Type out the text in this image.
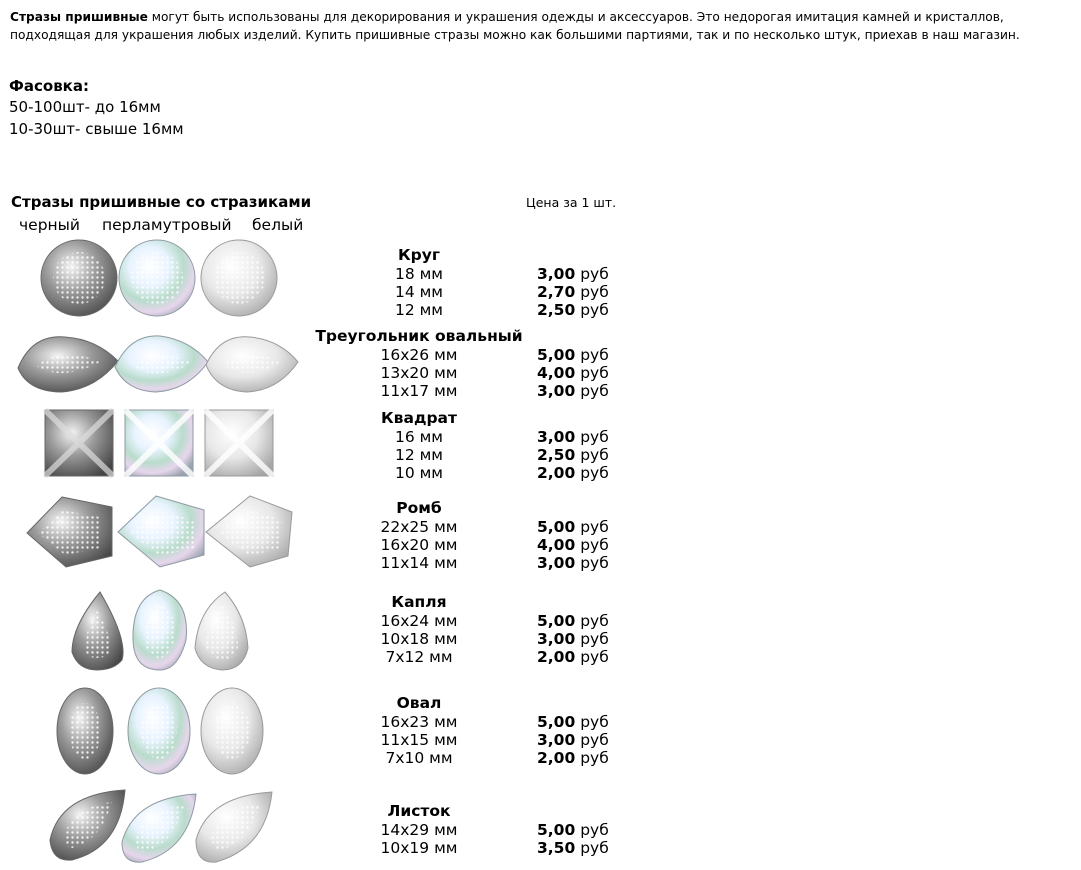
Стразы пришивные могут быть использованы для декорирования и украшения одежды и аксессуаров. Это недорогая имитация камней и кристаллов, подходящая для украшения любых изделий. Купить пришивные стразы можно как большими партиями, так и по несколько штук, приехав в наш магазин.
Фасовка:
50-100шт- до 16мм
10-30шт- свыше 16мм
Стразы пришивные со стразиками	Цена за 1 шт.
черный перламутровый белый
Круг
18 мм	3,00 руб
14 мм	2,70 руб
12 мм	2,50 руб
Треугольник овальный
16x26 мм	5,00 руб
13x20 мм	4,00 руб
11x17 мм	3,00 руб
Квадрат
16 мм	3,00 руб
12 мм	2,50 руб
10 мм	2,00 руб
Ромб
22x25 мм	5,00 руб
16x20 мм	4,00 руб
11x14 мм	3,00 руб
Капля
16x24 мм	5,00 руб
10x18 мм	3,00 руб
7x12 мм	2,00 руб
Овал
16x23 мм	5,00 руб
11x15 мм	3,00 руб
7x10 мм	2,00 руб
Листок
14x29 мм	5,00 руб
10x19 мм	3,50 руб
